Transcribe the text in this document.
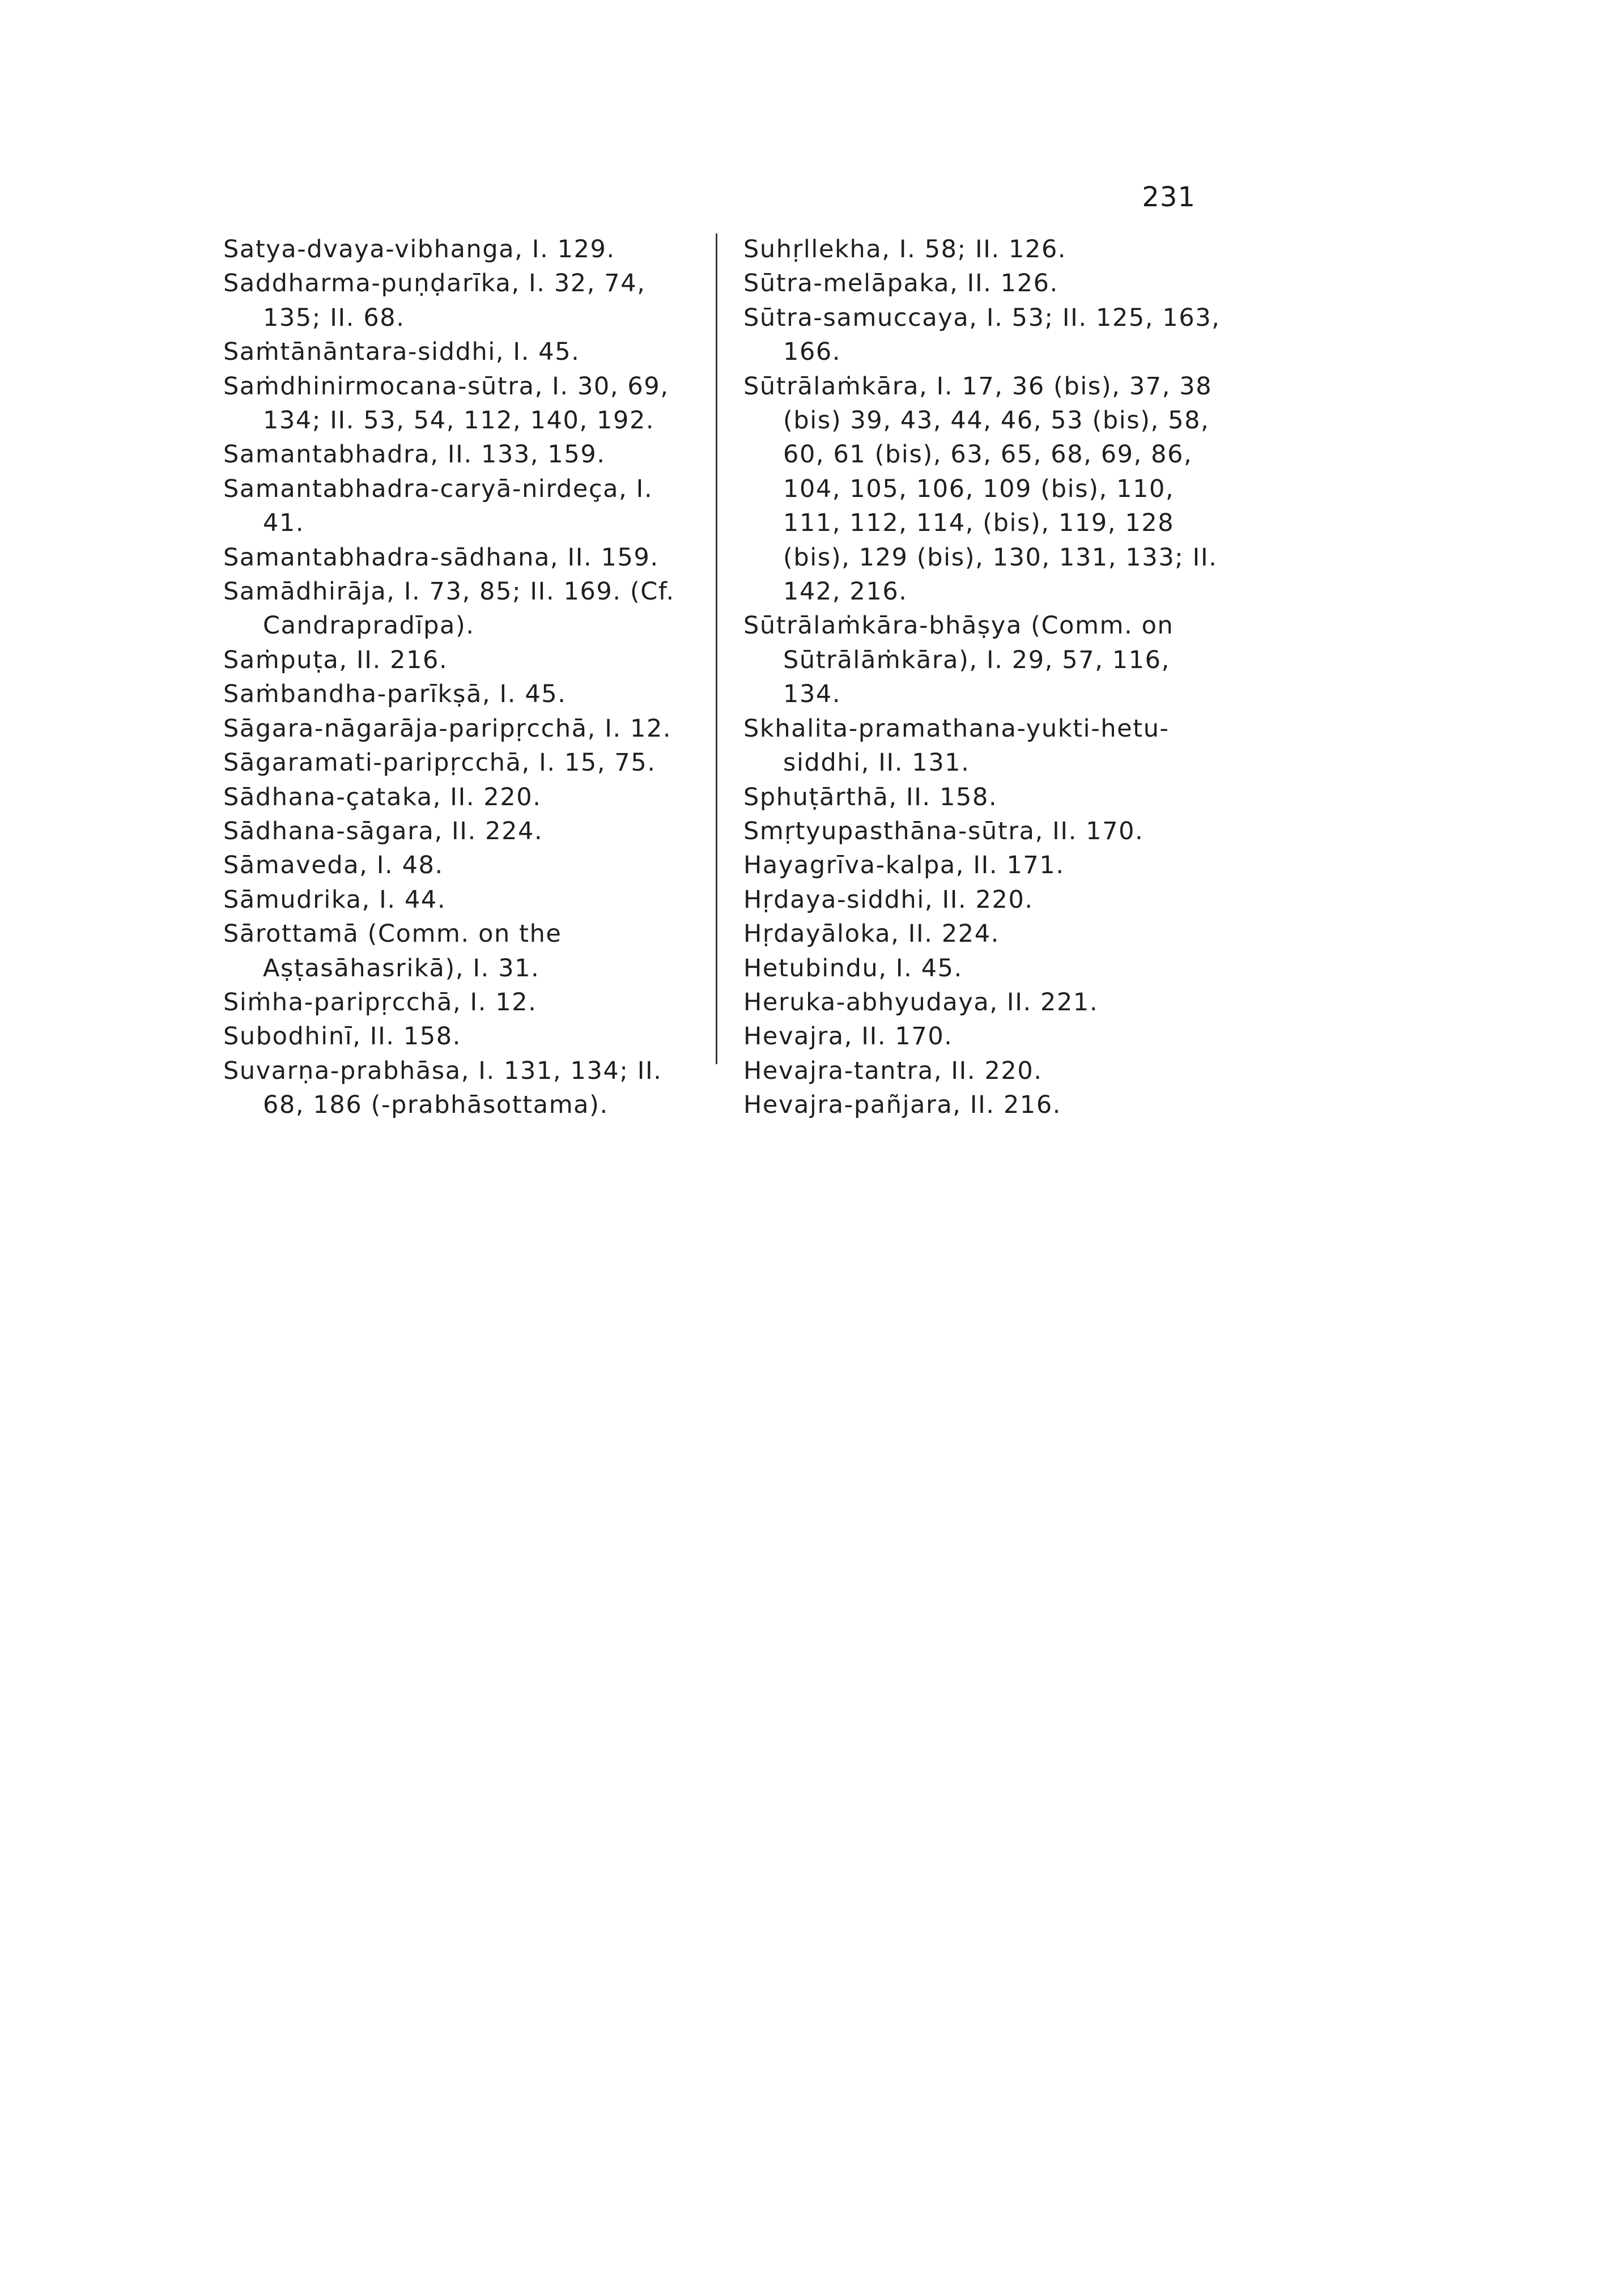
231
Satya-dvaya-vibhanga, I. 129.
Saddharma-puṇḍarīka, I. 32, 74, 135; II. 68.
Saṁtānāntara-siddhi, I. 45.
Saṁdhinirmocana-sūtra, I. 30, 69, 134; II. 53, 54, 112, 140, 192.
Samantabhadra, II. 133, 159.
Samantabhadra-caryā-nirdeça, I. 41.
Samantabhadra-sādhana, II. 159.
Samādhirāja, I. 73, 85; II. 169. (Cf. Candrapradīpa).
Saṁpuṭa, II. 216.
Saṁbandha-parīkṣā, I. 45.
Sāgara-nāgarāja-paripṛcchā, I. 12.
Sāgaramati-paripṛcchā, I. 15, 75.
Sādhana-çataka, II. 220.
Sādhana-sāgara, II. 224.
Sāmaveda, I. 48.
Sāmudrika, I. 44.
Sārottamā (Comm. on the Aṣṭasāhasrikā), I. 31.
Siṁha-paripṛcchā, I. 12.
Subodhinī, II. 158.
Suvarṇa-prabhāsa, I. 131, 134; II. 68, 186 (-prabhāsottama).
Suhṛllekha, I. 58; II. 126.
Sūtra-melāpaka, II. 126.
Sūtra-samuccaya, I. 53; II. 125, 163, 166.
Sūtrālaṁkāra, I. 17, 36 (bis), 37, 38 (bis) 39, 43, 44, 46, 53 (bis), 58, 60, 61 (bis), 63, 65, 68, 69, 86, 104, 105, 106, 109 (bis), 110, 111, 112, 114, (bis), 119, 128 (bis), 129 (bis), 130, 131, 133; II. 142, 216.
Sūtrālaṁkāra-bhāṣya (Comm. on Sūtrālāṁkāra), I. 29, 57, 116, 134.
Skhalita-pramathana-yukti-hetu-siddhi, II. 131.
Sphuṭārthā, II. 158.
Smṛtyupasthāna-sūtra, II. 170.
Hayagrīva-kalpa, II. 171.
Hṛdaya-siddhi, II. 220.
Hṛdayāloka, II. 224.
Hetubindu, I. 45.
Heruka-abhyudaya, II. 221.
Hevajra, II. 170.
Hevajra-tantra, II. 220.
Hevajra-pañjara, II. 216.
